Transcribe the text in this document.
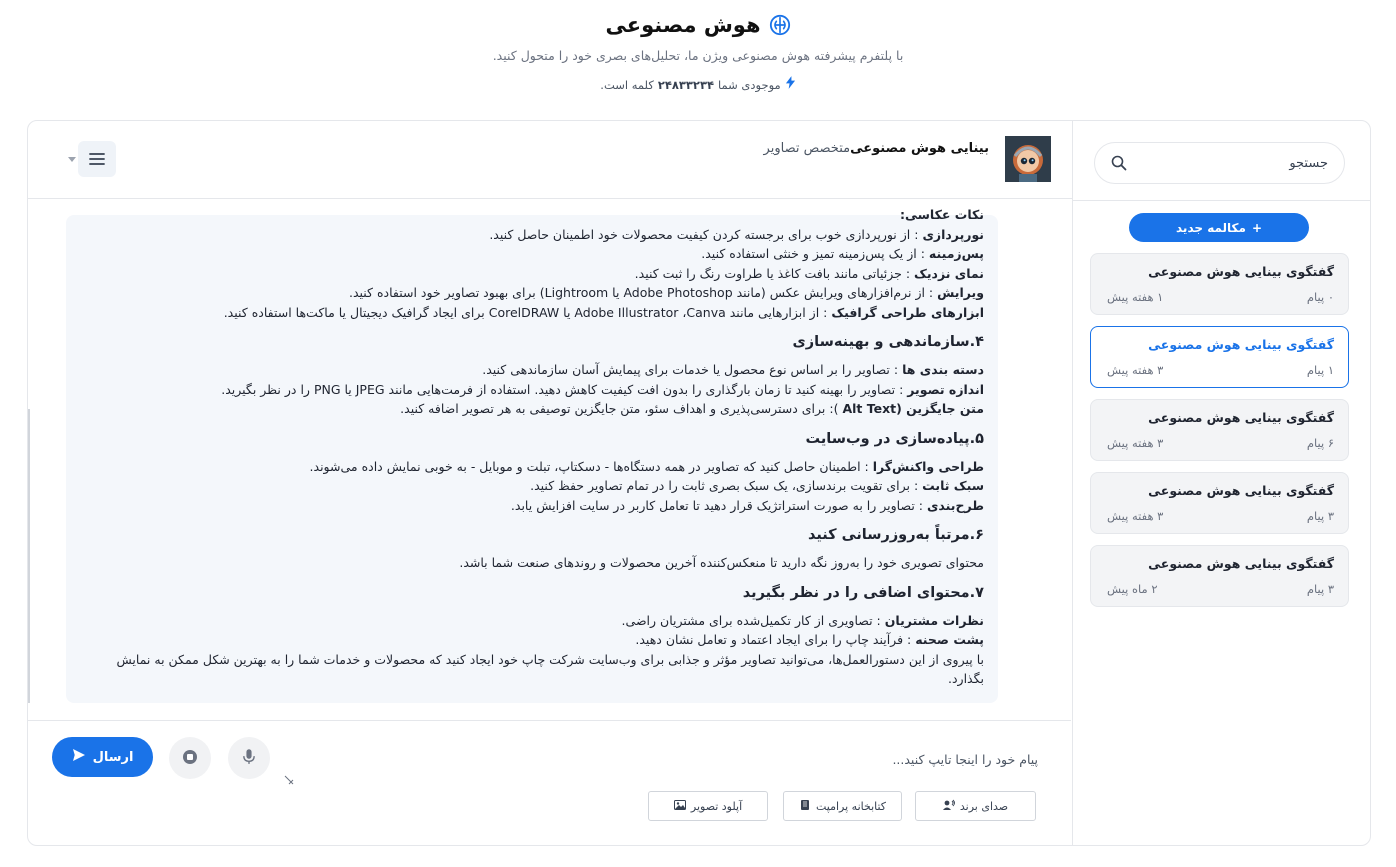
هوش مصنوعی
با پلتفرم پیشرفته هوش مصنوعی ویژن ما، تحلیل‌های بصری خود را متحول کنید.
موجودی شما
۲۴۸۳۳۲۳۴
کلمه است.
جستجو
+
مکالمه جدید
گفتگوی بینایی هوش مصنوعی
۰ پیام
۱ هفته پیش
گفتگوی بینایی هوش مصنوعی
۱ پیام
۳ هفته پیش
گفتگوی بینایی هوش مصنوعی
۶ پیام
۳ هفته پیش
گفتگوی بینایی هوش مصنوعی
۳ پیام
۳ هفته پیش
گفتگوی بینایی هوش مصنوعی
۳ پیام
۲ ماه پیش
بینایی هوش مصنوعی
متخصص تصاویر

نکات عکاسی:

نورپردازی : از نورپردازی خوب برای برجسته کردن کیفیت محصولات خود اطمینان حاصل کنید.

پس‌زمینه : از یک پس‌زمینه تمیز و خنثی استفاده کنید.

نمای نزدیک : جزئیاتی مانند بافت کاغذ یا طراوت رنگ را ثبت کنید.

ویرایش : از نرم‌افزارهای ویرایش عکس (مانند Adobe Photoshop یا Lightroom) برای بهبود تصاویر خود استفاده کنید.

ابزارهای طراحی گرافیک : از ابزارهایی مانند Adobe Illustrator ،Canva یا CorelDRAW برای ایجاد گرافیک دیجیتال یا ماکت‌ها استفاده کنید.

۴.سازماندهی و بهینه‌سازی

دسته بندی ها : تصاویر را بر اساس نوع محصول یا خدمات برای پیمایش آسان سازماندهی کنید.

اندازه تصویر : تصاویر را بهینه کنید تا زمان بارگذاری را بدون افت کیفیت کاهش دهید. استفاده از فرمت‌هایی مانند JPEG یا PNG را در نظر بگیرید.

متن جایگزین (Alt Text ): برای دسترسی‌پذیری و اهداف سئو، متن جایگزین توصیفی به هر تصویر اضافه کنید.

۵.پیاده‌سازی در وب‌سایت

طراحی واکنش‌گرا : اطمینان حاصل کنید که تصاویر در همه دستگاه‌ها - دسکتاپ، تبلت و موبایل - به خوبی نمایش داده می‌شوند.

سبک ثابت : برای تقویت برندسازی، یک سبک بصری ثابت را در تمام تصاویر حفظ کنید.

طرح‌بندی : تصاویر را به صورت استراتژیک قرار دهید تا تعامل کاربر در سایت افزایش یابد.

۶.مرتباً به‌روزرسانی کنید

محتوای تصویری خود را به‌روز نگه دارید تا منعکس‌کننده آخرین محصولات و روندهای صنعت شما باشد.

۷.محتوای اضافی را در نظر بگیرید

نظرات مشتریان : تصاویری از کار تکمیل‌شده برای مشتریان راضی.

پشت صحنه : فرآیند چاپ را برای ایجاد اعتماد و تعامل نشان دهید.

با پیروی از این دستورالعمل‌ها، می‌توانید تصاویر مؤثر و جذابی برای وب‌سایت شرکت چاپ خود ایجاد کنید که محصولات و خدمات شما را به بهترین شکل ممکن به نمایش بگذارد.

پیام خود را اینجا تایپ کنید...
ارسال
صدای برند
کتابخانه پرامپت
آپلود تصویر
